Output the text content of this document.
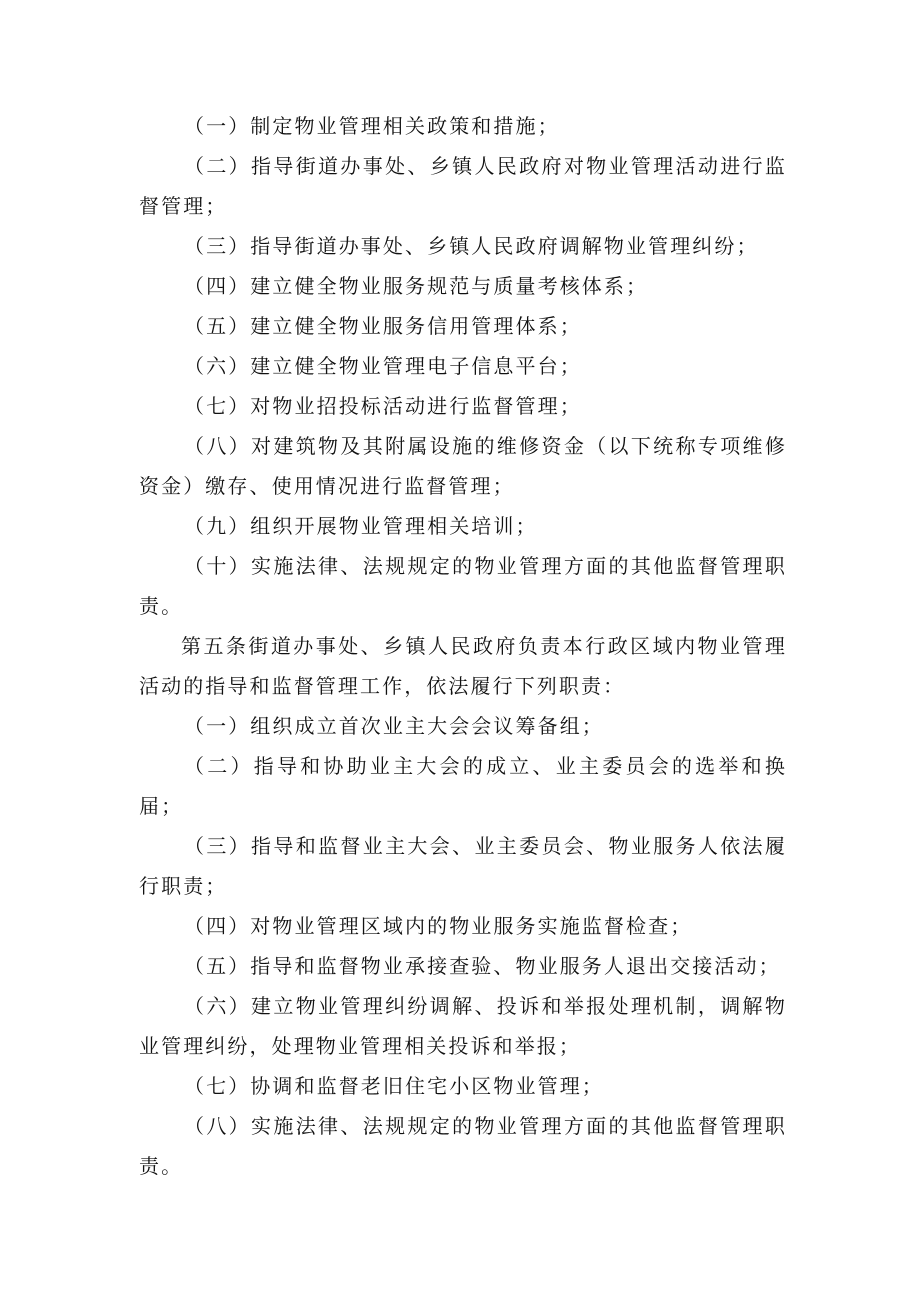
（一）制定物业管理相关政策和措施；

（二）指导街道办事处、乡镇人民政府对物业管理活动进行监督管理；

（三）指导街道办事处、乡镇人民政府调解物业管理纠纷；

（四）建立健全物业服务规范与质量考核体系；

（五）建立健全物业服务信用管理体系；

（六）建立健全物业管理电子信息平台；

（七）对物业招投标活动进行监督管理；

（八）对建筑物及其附属设施的维修资金（以下统称专项维修资金）缴存、使用情况进行监督管理；

（九）组织开展物业管理相关培训；

（十）实施法律、法规规定的物业管理方面的其他监督管理职责。

第五条街道办事处、乡镇人民政府负责本行政区域内物业管理活动的指导和监督管理工作，依法履行下列职责：

（一）组织成立首次业主大会会议筹备组；

（二）指导和协助业主大会的成立、业主委员会的选举和换届；

（三）指导和监督业主大会、业主委员会、物业服务人依法履行职责；

（四）对物业管理区域内的物业服务实施监督检查；

（五）指导和监督物业承接查验、物业服务人退出交接活动；

（六）建立物业管理纠纷调解、投诉和举报处理机制，调解物业管理纠纷，处理物业管理相关投诉和举报；

（七）协调和监督老旧住宅小区物业管理；

（八）实施法律、法规规定的物业管理方面的其他监督管理职责。
